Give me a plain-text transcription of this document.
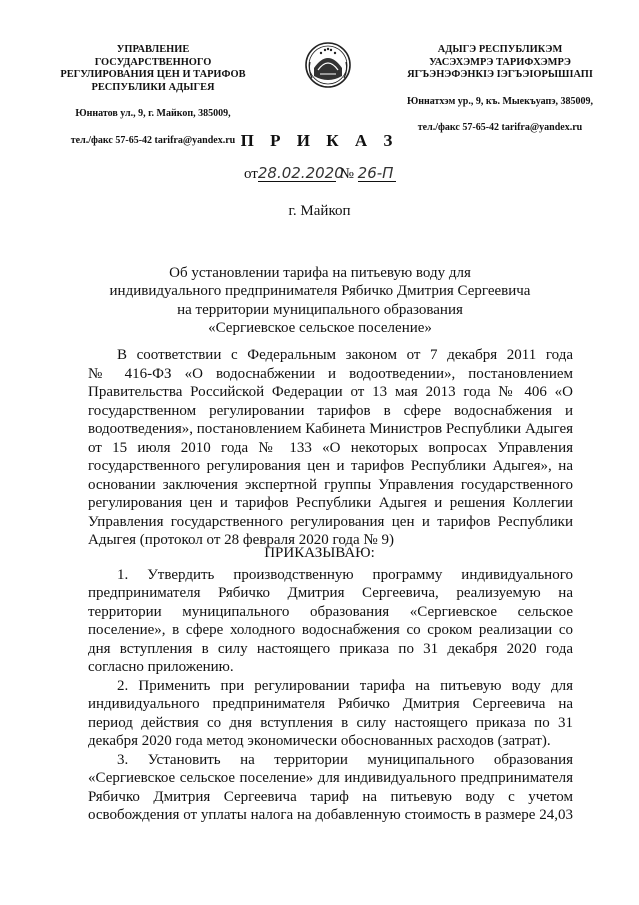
УПРАВЛЕНИЕ ГОСУДАРСТВЕННОГО
РЕГУЛИРОВАНИЯ ЦЕН И ТАРИФОВ
РЕСПУБЛИКИ АДЫГЕЯ
Юннатов ул., 9, г. Майкоп, 385009,
тел./факс 57-65-42 tarifra@yandex.ru
АДЫГЭ РЕСПУБЛИКЭМ
УАСЭХЭМРЭ ТАРИФХЭМРЭ
ЯГЪЭНЭФЭНКIЭ IЭГЪЭIОРЫШIАПI
Юннатхэм ур., 9, къ. Мыекъуапэ, 385009,
тел./факс 57-65-42 tarifra@yandex.ru
П Р И К А З
от28.02.2020 № 26-П
г. Майкоп
Об установлении тарифа на питьевую воду для
индивидуального предпринимателя Рябичко Дмитрия Сергеевича
на территории муниципального образования
«Сергиевское сельское поселение»
В соответствии с Федеральным законом от 7 декабря 2011 года
№ 416-ФЗ «О водоснабжении и водоотведении», постановлением
Правительства Российской Федерации от 13 мая 2013 года № 406 «О
государственном регулировании тарифов в сфере водоснабжения и
водоотведения», постановлением Кабинета Министров Республики Адыгея
от 15 июля 2010 года № 133 «О некоторых вопросах Управления
государственного регулирования цен и тарифов Республики Адыгея», на
основании заключения экспертной группы Управления государственного
регулирования цен и тарифов Республики Адыгея и решения Коллегии
Управления государственного регулирования цен и тарифов Республики
Адыгея (протокол от 28 февраля 2020 года № 9)
ПРИКАЗЫВАЮ:
1. Утвердить производственную программу индивидуального
предпринимателя Рябичко Дмитрия Сергеевича, реализуемую на
территории муниципального образования «Сергиевское сельское
поселение», в сфере холодного водоснабжения со сроком реализации со
дня вступления в силу настоящего приказа по 31 декабря 2020 года
согласно приложению.
2. Применить при регулировании тарифа на питьевую воду для
индивидуального предпринимателя Рябичко Дмитрия Сергеевича на
период действия со дня вступления в силу настоящего приказа по 31
декабря 2020 года метод экономически обоснованных расходов (затрат).
3. Установить на территории муниципального образования
«Сергиевское сельское поселение» для индивидуального предпринимателя
Рябичко Дмитрия Сергеевича тариф на питьевую воду с учетом
освобождения от уплаты налога на добавленную стоимость в размере 24,03
